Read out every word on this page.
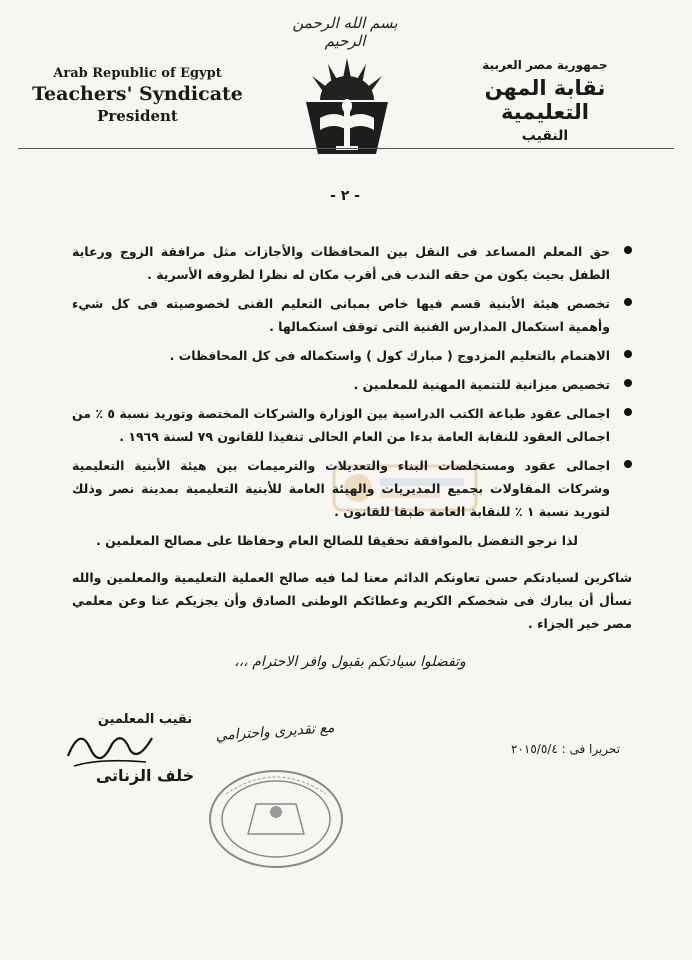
بسم الله الرحمن الرحيم
Arab Republic of Egypt
Teachers' Syndicate
President
جمهورية مصر العربية
نقابة المهن التعليمية
النقيب
- ٢ -
حق المعلم المساعد فى النقل بين المحافظات والأجازات مثل مرافقة الزوج ورعاية الطفل بحيث يكون من حقه الندب فى أقرب مكان له نظرا لظروفه الأسرية .
تخصص هيئة الأبنية قسم فيها خاص بمبانى التعليم الفنى لخصوصيته فى كل شيء وأهمية استكمال المدارس الفنية التى توقف استكمالها .
الاهتمام بالتعليم المزدوج ( مبارك كول ) واستكماله فى كل المحافظات .
تخصيص ميزانية للتنمية المهنية للمعلمين .
اجمالى عقود طباعة الكتب الدراسية بين الوزارة والشركات المختصة وتوريد نسبة ٥ ٪ من اجمالى العقود للنقابة العامة بدءا من العام الحالى تنفيذا للقانون ٧٩ لسنة ١٩٦٩ .
اجمالى عقود ومستخلصات البناء والتعديلات والترميمات بين هيئة الأبنية التعليمية وشركات المقاولات بجميع المديريات والهيئة العامة للأبنية التعليمية بمدينة نصر وذلك لتوريد نسبة ١ ٪ للنقابة العامة طبقا للقانون .

لذا نرجو التفضل بالموافقة تحقيقا للصالح العام وحفاظا على مصالح المعلمين .

شاكرين لسيادتكم حسن تعاونكم الدائم معنا لما فيه صالح العملية التعليمية والمعلمين والله نسأل أن يبارك فى شخصكم الكريم وعطائكم الوطنى الصادق وأن يجزيكم عنا وعن معلمي مصر خير الجزاء .

وتفضلوا سيادتكم بقبول وافر الاحترام ،،،
نقيب المعلمين
مع تقديرى واحترامي
تحريرا فى : ٢٠١٥/٥/٤
خلف الزناتى
